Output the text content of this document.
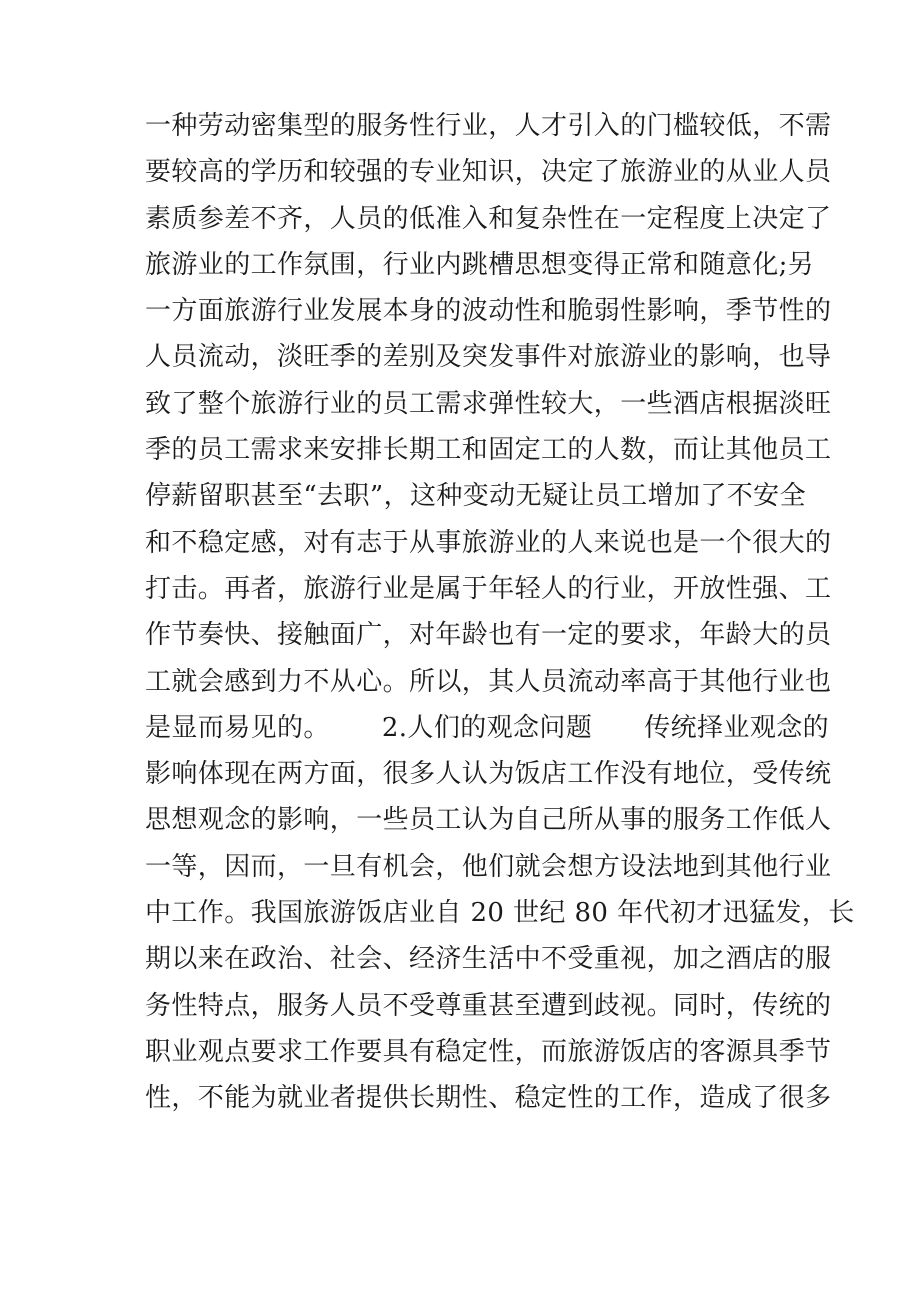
一种劳动密集型的服务性行业，人才引入的门槛较低，不需
要较高的学历和较强的专业知识，决定了旅游业的从业人员
素质参差不齐，人员的低准入和复杂性在一定程度上决定了
旅游业的工作氛围，行业内跳槽思想变得正常和随意化;另
一方面旅游行业发展本身的波动性和脆弱性影响，季节性的
人员流动，淡旺季的差别及突发事件对旅游业的影响，也导
致了整个旅游行业的员工需求弹性较大，一些酒店根据淡旺
季的员工需求来安排长期工和固定工的人数，而让其他员工
停薪留职甚至“去职”，这种变动无疑让员工增加了不安全
和不稳定感，对有志于从事旅游业的人来说也是一个很大的
打击。再者，旅游行业是属于年轻人的行业，开放性强、工
作节奏快、接触面广，对年龄也有一定的要求，年龄大的员
工就会感到力不从心。所以，其人员流动率高于其他行业也
是显而易见的。 2.人们的观念问题 传统择业观念的
影响体现在两方面，很多人认为饭店工作没有地位，受传统
思想观念的影响，一些员工认为自己所从事的服务工作低人
一等，因而，一旦有机会，他们就会想方设法地到其他行业
中工作。我国旅游饭店业自 20 世纪 80 年代初才迅猛发，长
期以来在政治、社会、经济生活中不受重视，加之酒店的服
务性特点，服务人员不受尊重甚至遭到歧视。同时，传统的
职业观点要求工作要具有稳定性，而旅游饭店的客源具季节
性，不能为就业者提供长期性、稳定性的工作，造成了很多
